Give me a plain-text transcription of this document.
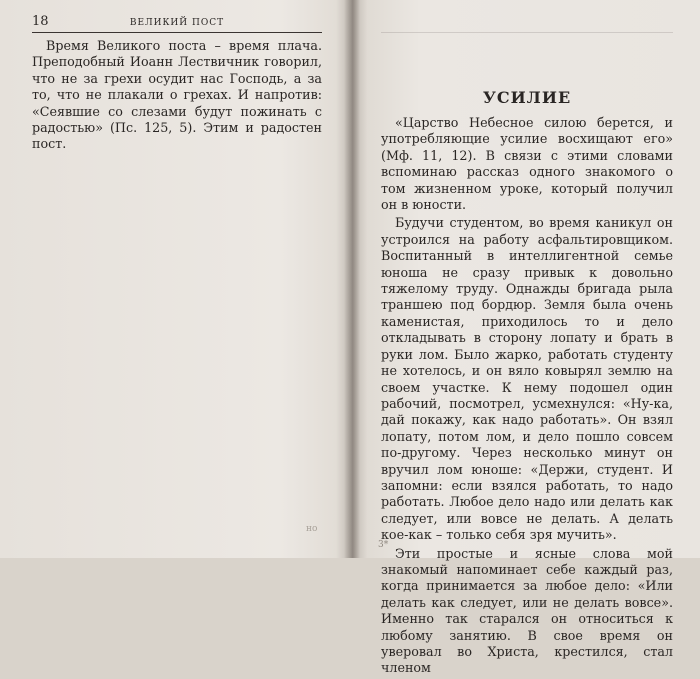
18	ВЕЛИКИЙ ПОСТ

Время Великого поста – время плача. Преподобный Иоанн Лествичник говорил, что не за грехи осудит нас Господь, а за то, что не плакали о грехах. И напротив: «Сеявшие со слезами будут пожинать с радостью» (Пс. 125, 5). Этим и радостен пост.

но
УСИЛИЕ

«Царство Небесное силою берется, и употребляющие усилие восхищают его» (Мф. 11, 12). В связи с этими словами вспоминаю рассказ одного знакомого о том жизненном уроке, который получил он в юности.

Будучи студентом, во время каникул он устроился на работу асфальтировщиком. Воспитанный в интеллигентной семье юноша не сразу привык к довольно тяжелому труду. Однажды бригада рыла траншею под бордюр. Земля была очень каменистая, приходилось то и дело откладывать в сторону лопату и брать в руки лом. Было жарко, работать студенту не хотелось, и он вяло ковырял землю на своем участке. К нему подошел один рабочий, посмотрел, усмехнулся: «Ну-ка, дай покажу, как надо работать». Он взял лопату, потом лом, и дело пошло совсем по-другому. Через несколько минут он вручил лом юноше: «Держи, студент. И запомни: если взялся работать, то надо работать. Любое дело надо или делать как следует, или вовсе не делать. А делать кое-как – только себя зря мучить».

Эти простые и ясные слова мой знакомый напоминает себе каждый раз, когда принимается за любое дело: «Или делать как следует, или не делать вовсе». Именно так старался он относиться к любому занятию. В свое время он уверовал во Христа, крестился, стал членом

3*
